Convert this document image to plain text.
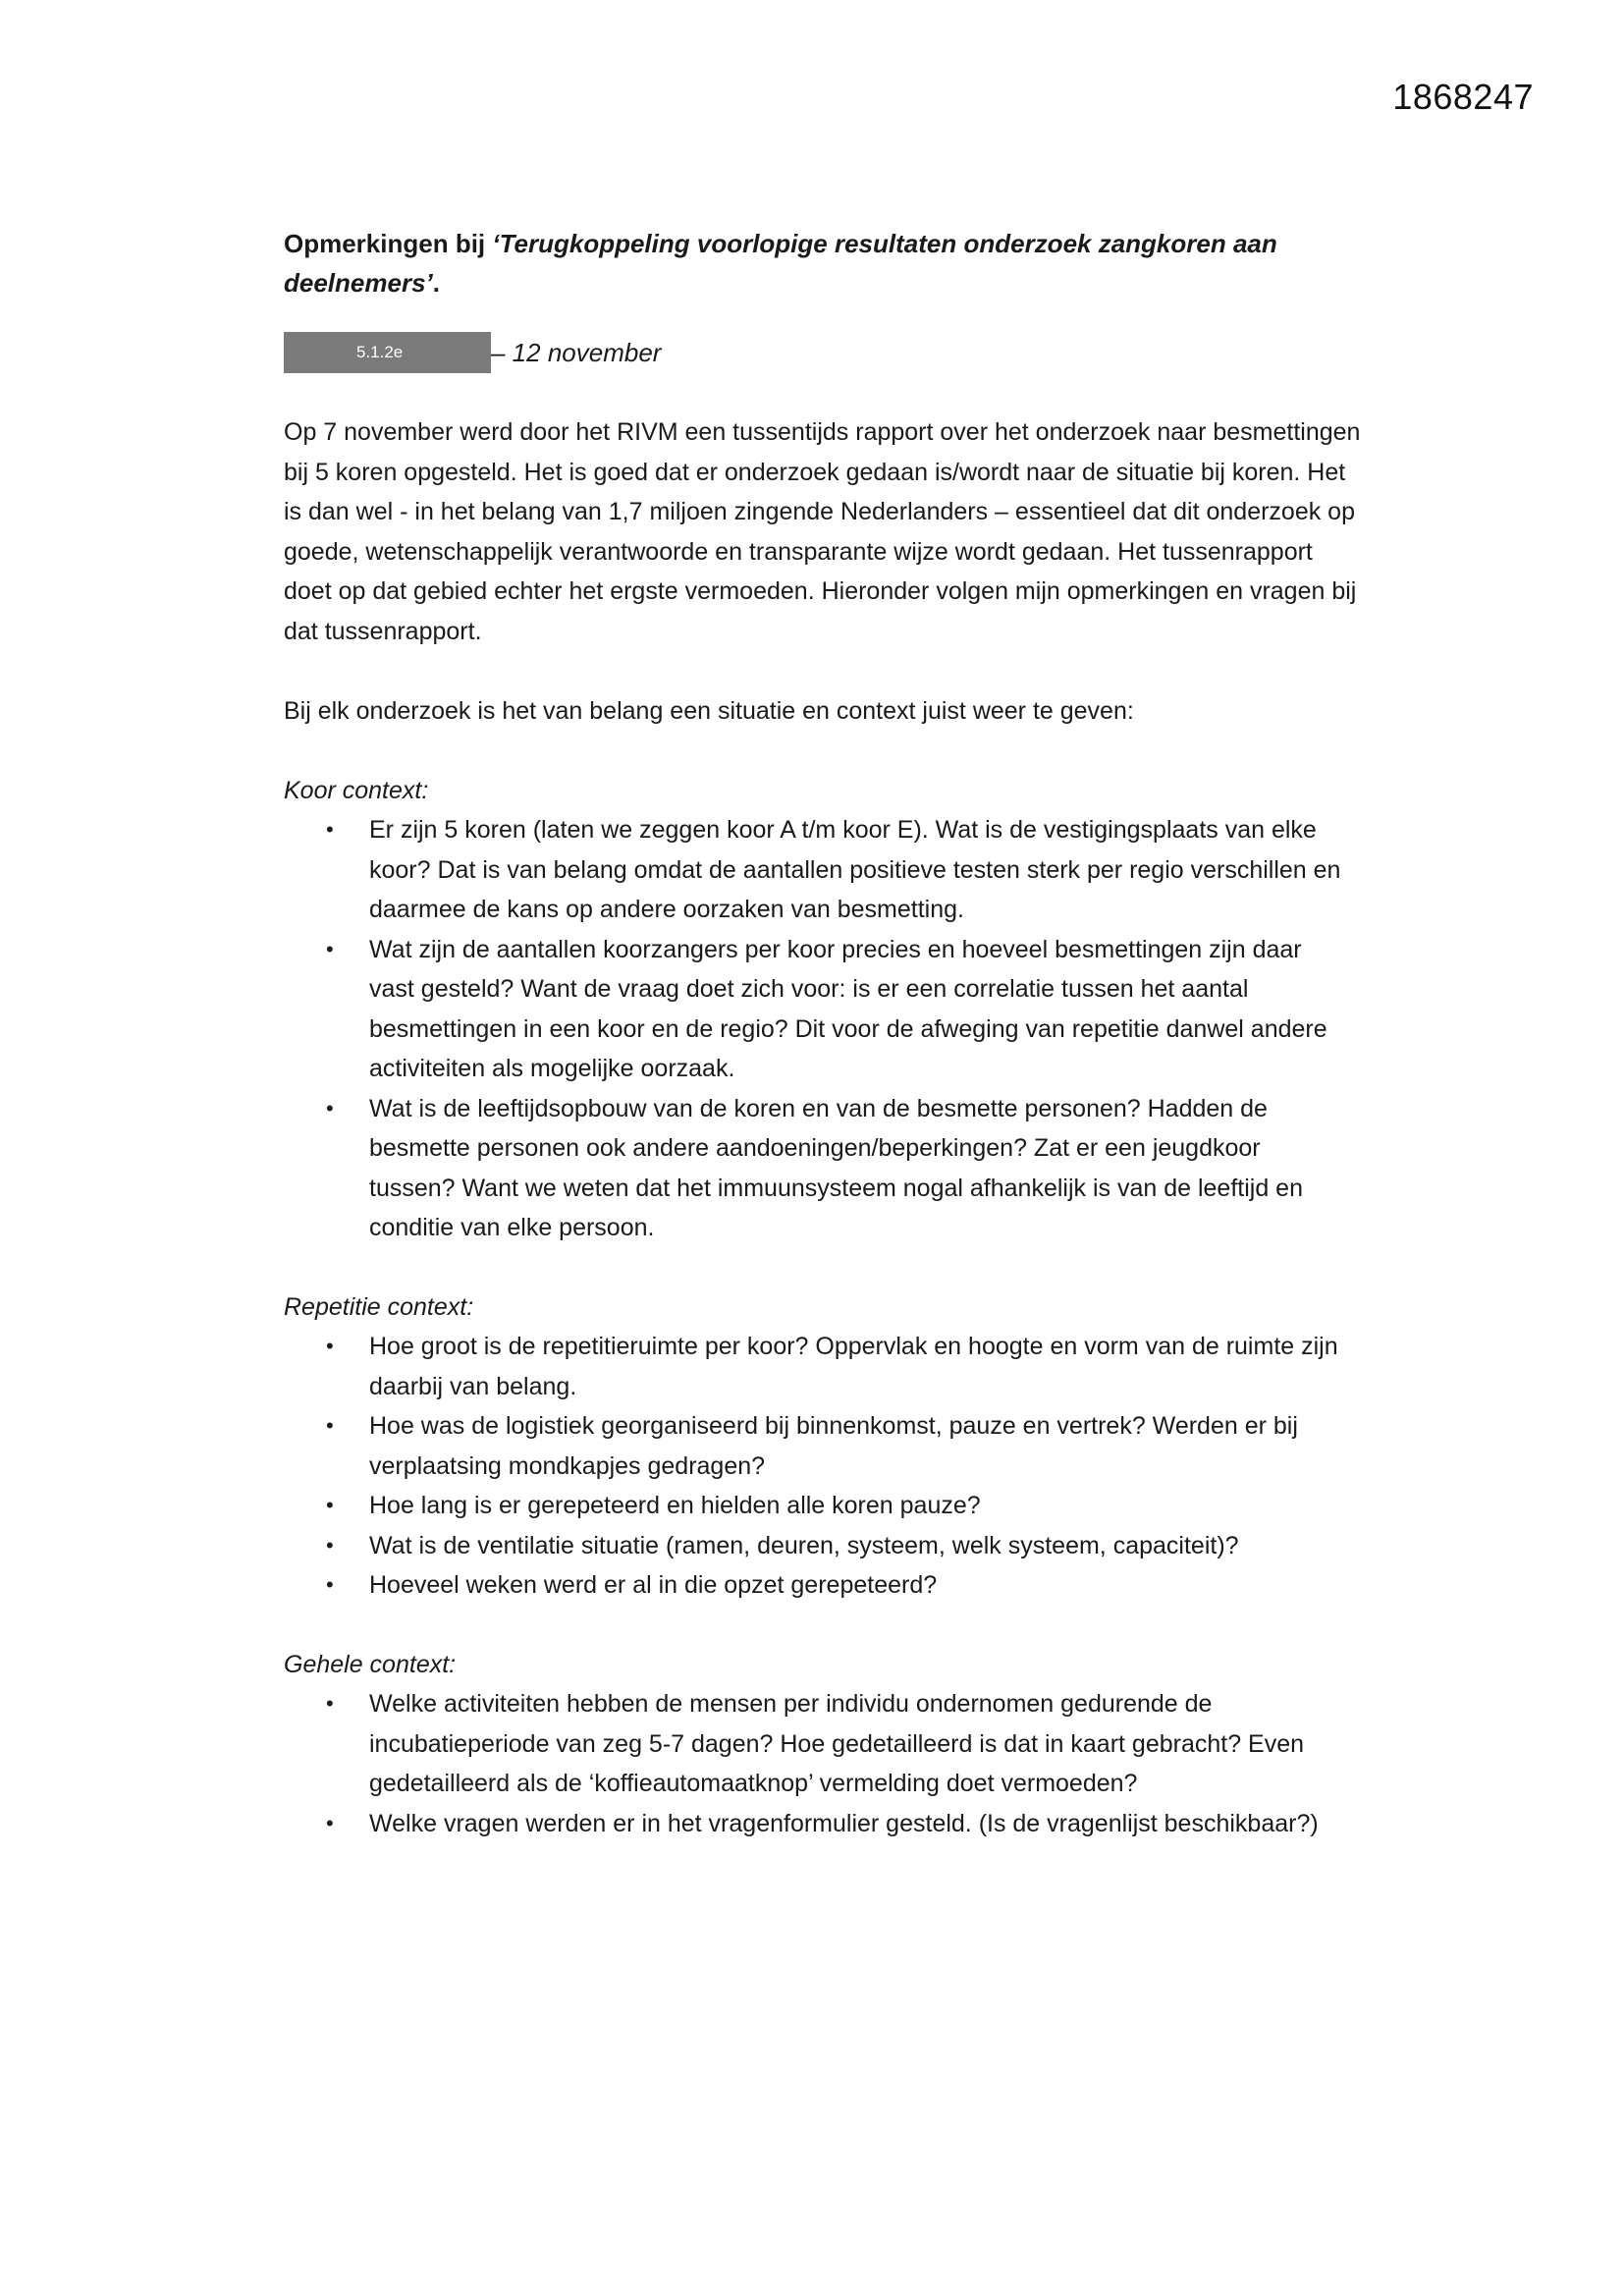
1868247

Opmerkingen bij ‘Terugkoppeling voorlopige resultaten onderzoek zangkoren aan deelnemers’.

5.1.2e	– 12 november

Op 7 november werd door het RIVM een tussentijds rapport over het onderzoek naar besmettingen bij 5 koren opgesteld. Het is goed dat er onderzoek gedaan is/wordt naar de situatie bij koren. Het is dan wel - in het belang van 1,7 miljoen zingende Nederlanders – essentieel dat dit onderzoek op goede, wetenschappelijk verantwoorde en transparante wijze wordt gedaan. Het tussenrapport doet op dat gebied echter het ergste vermoeden. Hieronder volgen mijn opmerkingen en vragen bij dat tussenrapport.

Bij elk onderzoek is het van belang een situatie en context juist weer te geven:

Koor context:

• Er zijn 5 koren (laten we zeggen koor A t/m koor E). Wat is de vestigingsplaats van elke koor? Dat is van belang omdat de aantallen positieve testen sterk per regio verschillen en daarmee de kans op andere oorzaken van besmetting.
• Wat zijn de aantallen koorzangers per koor precies en hoeveel besmettingen zijn daar vast gesteld? Want de vraag doet zich voor: is er een correlatie tussen het aantal besmettingen in een koor en de regio? Dit voor de afweging van repetitie danwel andere activiteiten als mogelijke oorzaak.
• Wat is de leeftijdsopbouw van de koren en van de besmette personen? Hadden de besmette personen ook andere aandoeningen/beperkingen? Zat er een jeugdkoor tussen? Want we weten dat het immuunsysteem nogal afhankelijk is van de leeftijd en conditie van elke persoon.

Repetitie context:

• Hoe groot is de repetitieruimte per koor? Oppervlak en hoogte en vorm van de ruimte zijn daarbij van belang.
• Hoe was de logistiek georganiseerd bij binnenkomst, pauze en vertrek? Werden er bij verplaatsing mondkapjes gedragen?
• Hoe lang is er gerepeteerd en hielden alle koren pauze?
• Wat is de ventilatie situatie (ramen, deuren, systeem, welk systeem, capaciteit)?
• Hoeveel weken werd er al in die opzet gerepeteerd?

Gehele context:

• Welke activiteiten hebben de mensen per individu ondernomen gedurende de incubatieperiode van zeg 5-7 dagen? Hoe gedetailleerd is dat in kaart gebracht? Even gedetailleerd als de ‘koffieautomaatknop’ vermelding doet vermoeden?
• Welke vragen werden er in het vragenformulier gesteld. (Is de vragenlijst beschikbaar?)
